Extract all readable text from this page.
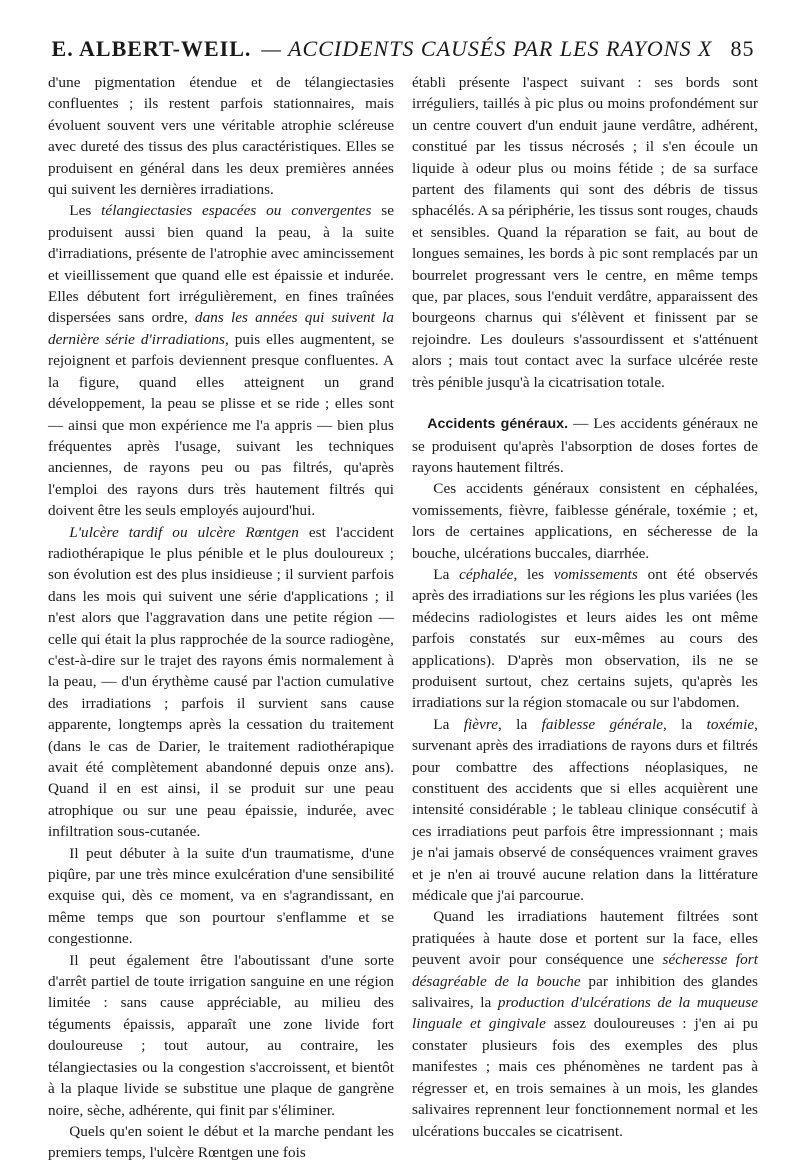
E. ALBERT-WEIL. — ACCIDENTS CAUSÉS PAR LES RAYONS X 85

d'une pigmentation étendue et de télangiectasies confluentes ; ils restent parfois stationnaires, mais évoluent souvent vers une véritable atrophie scléreuse avec dureté des tissus des plus caractéristiques. Elles se produisent en général dans les deux premières années qui suivent les dernières irradiations.

Les télangiectasies espacées ou convergentes se produisent aussi bien quand la peau, à la suite d'irradiations, présente de l'atrophie avec amincissement et vieillissement que quand elle est épaissie et indurée. Elles débutent fort irrégulièrement, en fines traînées dispersées sans ordre, dans les années qui suivent la dernière série d'irradiations, puis elles augmentent, se rejoignent et parfois deviennent presque confluentes. A la figure, quand elles atteignent un grand développement, la peau se plisse et se ride ; elles sont — ainsi que mon expérience me l'a appris — bien plus fréquentes après l'usage, suivant les techniques anciennes, de rayons peu ou pas filtrés, qu'après l'emploi des rayons durs très hautement filtrés qui doivent être les seuls employés aujourd'hui.

L'ulcère tardif ou ulcère Rœntgen est l'accident radiothérapique le plus pénible et le plus douloureux ; son évolution est des plus insidieuse ; il survient parfois dans les mois qui suivent une série d'applications ; il n'est alors que l'aggravation dans une petite région — celle qui était la plus rapprochée de la source radiogène, c'est-à-dire sur le trajet des rayons émis normalement à la peau, — d'un érythème causé par l'action cumulative des irradiations ; parfois il survient sans cause apparente, longtemps après la cessation du traitement (dans le cas de Darier, le traitement radiothérapique avait été complètement abandonné depuis onze ans). Quand il en est ainsi, il se produit sur une peau atrophique ou sur une peau épaissie, indurée, avec infiltration sous-cutanée.

Il peut débuter à la suite d'un traumatisme, d'une piqûre, par une très mince exulcération d'une sensibilité exquise qui, dès ce moment, va en s'agrandissant, en même temps que son pourtour s'enflamme et se congestionne.

Il peut également être l'aboutissant d'une sorte d'arrêt partiel de toute irrigation sanguine en une région limitée : sans cause appréciable, au milieu des téguments épaissis, apparaît une zone livide fort douloureuse ; tout autour, au contraire, les télangiectasies ou la congestion s'accroissent, et bientôt à la plaque livide se substitue une plaque de gangrène noire, sèche, adhérente, qui finit par s'éliminer.

Quels qu'en soient le début et la marche pendant les premiers temps, l'ulcère Rœntgen une fois

établi présente l'aspect suivant : ses bords sont irréguliers, taillés à pic plus ou moins profondément sur un centre couvert d'un enduit jaune verdâtre, adhérent, constitué par les tissus nécrosés ; il s'en écoule un liquide à odeur plus ou moins fétide ; de sa surface partent des filaments qui sont des débris de tissus sphacélés. A sa périphérie, les tissus sont rouges, chauds et sensibles. Quand la réparation se fait, au bout de longues semaines, les bords à pic sont remplacés par un bourrelet progressant vers le centre, en même temps que, par places, sous l'enduit verdâtre, apparaissent des bourgeons charnus qui s'élèvent et finissent par se rejoindre. Les douleurs s'assourdissent et s'atténuent alors ; mais tout contact avec la surface ulcérée reste très pénible jusqu'à la cicatrisation totale.

Accidents généraux. — Les accidents généraux ne se produisent qu'après l'absorption de doses fortes de rayons hautement filtrés.

Ces accidents généraux consistent en céphalées, vomissements, fièvre, faiblesse générale, toxémie ; et, lors de certaines applications, en sécheresse de la bouche, ulcérations buccales, diarrhée.

La céphalée, les vomissements ont été observés après des irradiations sur les régions les plus variées (les médecins radiologistes et leurs aides les ont même parfois constatés sur eux-mêmes au cours des applications). D'après mon observation, ils ne se produisent surtout, chez certains sujets, qu'après les irradiations sur la région stomacale ou sur l'abdomen.

La fièvre, la faiblesse générale, la toxémie, survenant après des irradiations de rayons durs et filtrés pour combattre des affections néoplasiques, ne constituent des accidents que si elles acquièrent une intensité considérable ; le tableau clinique consécutif à ces irradiations peut parfois être impressionnant ; mais je n'ai jamais observé de conséquences vraiment graves et je n'en ai trouvé aucune relation dans la littérature médicale que j'ai parcourue.

Quand les irradiations hautement filtrées sont pratiquées à haute dose et portent sur la face, elles peuvent avoir pour conséquence une sécheresse fort désagréable de la bouche par inhibition des glandes salivaires, la production d'ulcérations de la muqueuse linguale et gingivale assez douloureuses : j'en ai pu constater plusieurs fois des exemples des plus manifestes ; mais ces phénomènes ne tardent pas à régresser et, en trois semaines à un mois, les glandes salivaires reprennent leur fonctionnement normal et les ulcérations buccales se cicatrisent.
